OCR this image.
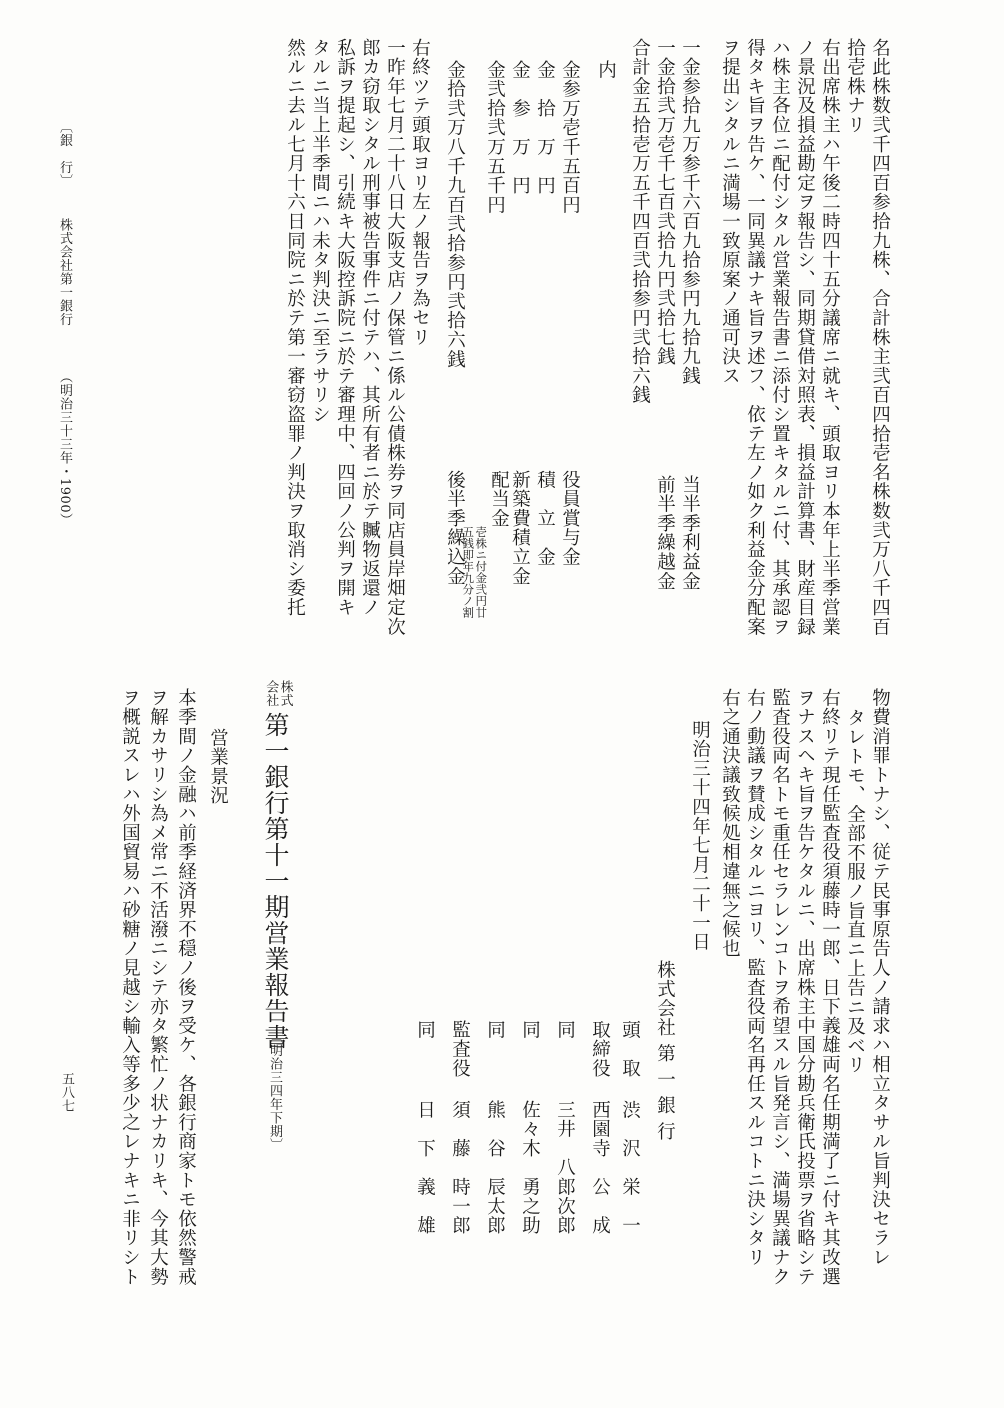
名此株数弐千四百参拾九株、合計株主弐百四拾壱名株数弐万八千四百
拾壱株ナリ
右出席株主ハ午後二時四十五分議席ニ就キ、頭取ヨリ本年上半季営業
ノ景況及損益勘定ヲ報告シ、同期貸借対照表、損益計算書、財産目録
ハ株主各位ニ配付シタル営業報告書ニ添付シ置キタルニ付、其承認ヲ
得タキ旨ヲ告ケ、一同異議ナキ旨ヲ述フ、依テ左ノ如ク利益金分配案
ヲ提出シタルニ満場一致原案ノ通可決ス
一金参拾九万参千六百九拾参円九拾九銭
当半季利益金
一金拾弐万壱千七百弐拾九円弐拾七銭
前半季繰越金
合計金五拾壱万五千四百弐拾参円弐拾六銭
内
金参万壱千五百円
役員賞与金
金　拾　万　円
積　立　金
金　参　万　円
新築費積立金
金弐拾弐万五千円
配当金
壱株ニ付金弐円廿
五銭即年九分ノ割
金拾弐万八千九百弐拾参円弐拾六銭
後半季繰込金
右終ツテ頭取ヨリ左ノ報告ヲ為セリ
一昨年七月二十八日大阪支店ノ保管ニ係ル公債株券ヲ同店員岸畑定次
郎カ窃取シタル刑事被告事件ニ付テハ、其所有者ニ於テ贓物返還ノ
私訴ヲ提起シ、引続キ大阪控訴院ニ於テ審理中、四回ノ公判ヲ開キ
タルニ当上半季間ニハ未タ判決ニ至ラサリシ
然ルニ去ル七月十六日同院ニ於テ第一審窃盗罪ノ判決ヲ取消シ委托
物費消罪トナシ、従テ民事原告人ノ請求ハ相立タサル旨判決セラレ
タレトモ、全部不服ノ旨直ニ上告ニ及ベリ
右終リテ現任監査役須藤時一郎、日下義雄両名任期満了ニ付キ其改選
ヲナスヘキ旨ヲ告ケタルニ、出席株主中国分勘兵衛氏投票ヲ省略シテ
監査役両名トモ重任セラレンコトヲ希望スル旨発言シ、満場異議ナク
右ノ動議ヲ賛成シタルニヨリ、監査役両名再任スルコトニ決シタリ
右之通決議致候処相違無之候也
明治三十四年七月二十一日
株式会社 第 一 銀 行
頭　取
渋　沢　栄　一
取締役
西園寺　公　成
同
三井　八郎次郎
同
佐々木　勇之助
同
熊　谷　辰太郎
監査役
須　藤　時一郎
同
日　下　義　雄
株式
会社
第一銀行第十一期営業報告書
〔明治三四年下期〕
営業景況
本季間ノ金融ハ前季経済界不穏ノ後ヲ受ケ、各銀行商家トモ依然警戒
ヲ解カサリシ為メ常ニ不活潑ニシテ亦タ繁忙ノ状ナカリキ、今其大勢
ヲ概説スレハ外国貿易ハ砂糖ノ見越シ輸入等多少之レナキニ非リシト
〔銀　行〕
株式会社第一銀行
（明治三十三年・1900）
五八七
